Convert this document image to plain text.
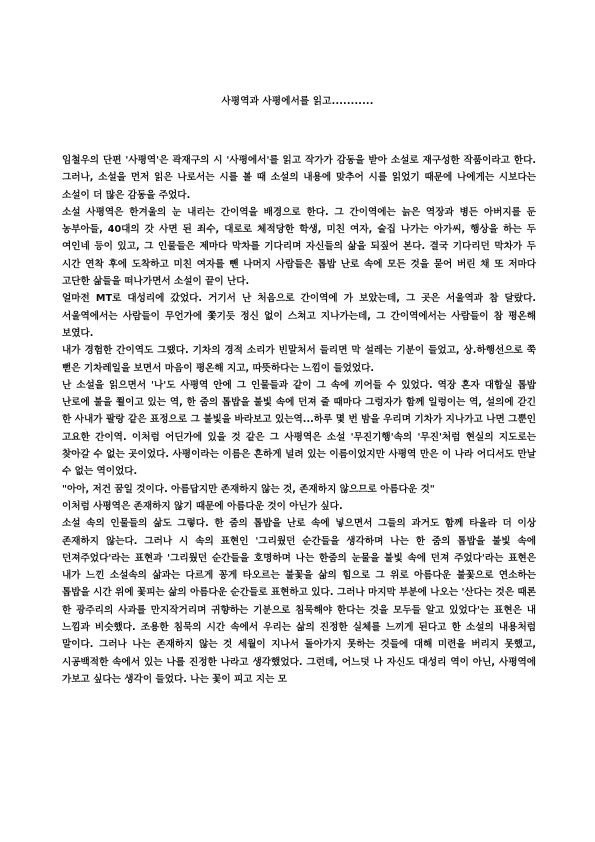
사평역과 사평에서를 읽고...........

임철우의 단편 '사평역'은 곽재구의 시 '사평에서'를 읽고 작가가 감동을 받아 소설로 재구성한 작품이라고 한다. 그러나, 소설을 먼저 읽은 나로서는 시를 볼 때 소설의 내용에 맞추어 시를 읽었기 때문에 나에게는 시보다는 소설이 더 많은 감동을 주었다.

소설 사평역은 한겨울의 눈 내리는 간이역을 배경으로 한다. 그 간이역에는 늙은 역장과 병든 아버지를 둔 농부아들, 40대의 갓 사면 된 죄수, 대로로 체적당한 학생, 미친 여자, 술집 나가는 아가씨, 행상을 하는 두 여인네 등이 있고, 그 인물들은 제마다 막차를 기다리며 자신들의 삶을 되짚어 본다. 결국 기다리던 막차가 두 시간 연착 후에 도착하고 미친 여자를 뺀 나머지 사람들은 톱밥 난로 속에 모든 것을 묻어 버린 채 또 저마다 고단한 삶들을 떠나가면서 소설이 끝이 난다.

얼마전 MT로 대성리에 갔었다. 거기서 난 처음으로 간이역에 가 보았는데, 그 곳은 서울역과 참 달랐다. 서울역에서는 사람들이 무언가에 쫓기듯 정신 없이 스쳐고 지나가는데, 그 간이역에서는 사람들이 참 평온해 보였다.

내가 경험한 간이역도 그랬다. 기차의 경적 소리가 빈말처서 들리면 막 설레는 기분이 들었고, 상.하행선으로 쭉 뻗은 기차레일을 보면서 마음이 평온해 지고, 따뜻하다는 느낌이 들었었다.

난 소설을 읽으면서 '나'도 사평역 안에 그 인물들과 같이 그 속에 끼어들 수 있었다. 역장 혼자 대합실 톱밥 난로에 불을 쬘이고 있는 역, 한 줌의 톱밥을 불빛 속에 던져 줄 때마다 그렁자가 함께 일렁이는 역, 설의에 갇긴 한 사내가 팔랑 같은 표정으로 그 불빛을 바라보고 있는역...하루 몇 번 밤을 우리며 기차가 지나가고 나면 그뿐인 고요한 간이역. 이처럼 어딘가에 있을 것 같은 그 사평역은 소설 '무진기행'속의 '무진'처럼 현실의 지도로는 찾아갈 수 없는 곳이었다. 사평이라는 이름은 흔하게 널려 있는 이름이었지만 사평역 만은 이 나라 어디서도 만날 수 없는 역이었다.

"아아, 저건 꿈일 것이다. 아름답지만 존재하지 않는 것, 존재하지 않으므로 아름다운 것"

이처럼 사평역은 존재하지 않기 때문에 아름다운 것이 아닌가 싶다.

소설 속의 인물들의 삶도 그렇다. 한 줌의 톱밥을 난로 속에 넣으면서 그들의 과거도 함께 타올라 더 이상 존재하지 않는다. 그러나 시 속의 표현인 '그리웠던 순간들을 생각하며 나는 한 줌의 톱밥을 불빛 속에 던져주었다'라는 표현과 '그리웠던 순간들을 호명하며 나는 한줌의 눈물을 불빛 속에 던져 주었다'라는 표현은 내가 느낀 소설속의 삶과는 다르게 꽁게 타오르는 불꽃을 삶의 힘으로 그 위로 아름다운 불꽃으로 연소하는 톱밥을 시간 위에 꽃피는 삶의 아름다운 순간들로 표현하고 있다. 그러나 마지막 부분에 나오는 '산다는 것은 때론 한 광주리의 사과를 만지작거리며 귀향하는 기분으로 침묵해야 한다는 것을 모두들 알고 있었다'는 표현은 내 느낌과 비슷했다. 조용한 침묵의 시간 속에서 우리는 삶의 진정한 실체를 느끼게 된다고 한 소설의 내용처럼 말이다. 그러나 나는 존재하지 않는 것 세월이 지나서 돌아가지 못하는 것들에 대해 미련을 버리지 못했고, 시공백적한 속에서 있는 나를 진정한 나라고 생각했었다. 그런데, 어느덧 나 자신도 대성리 역이 아닌, 사평역에 가보고 싶다는 생각이 들었다. 나는 꽃이 피고 지는 모
